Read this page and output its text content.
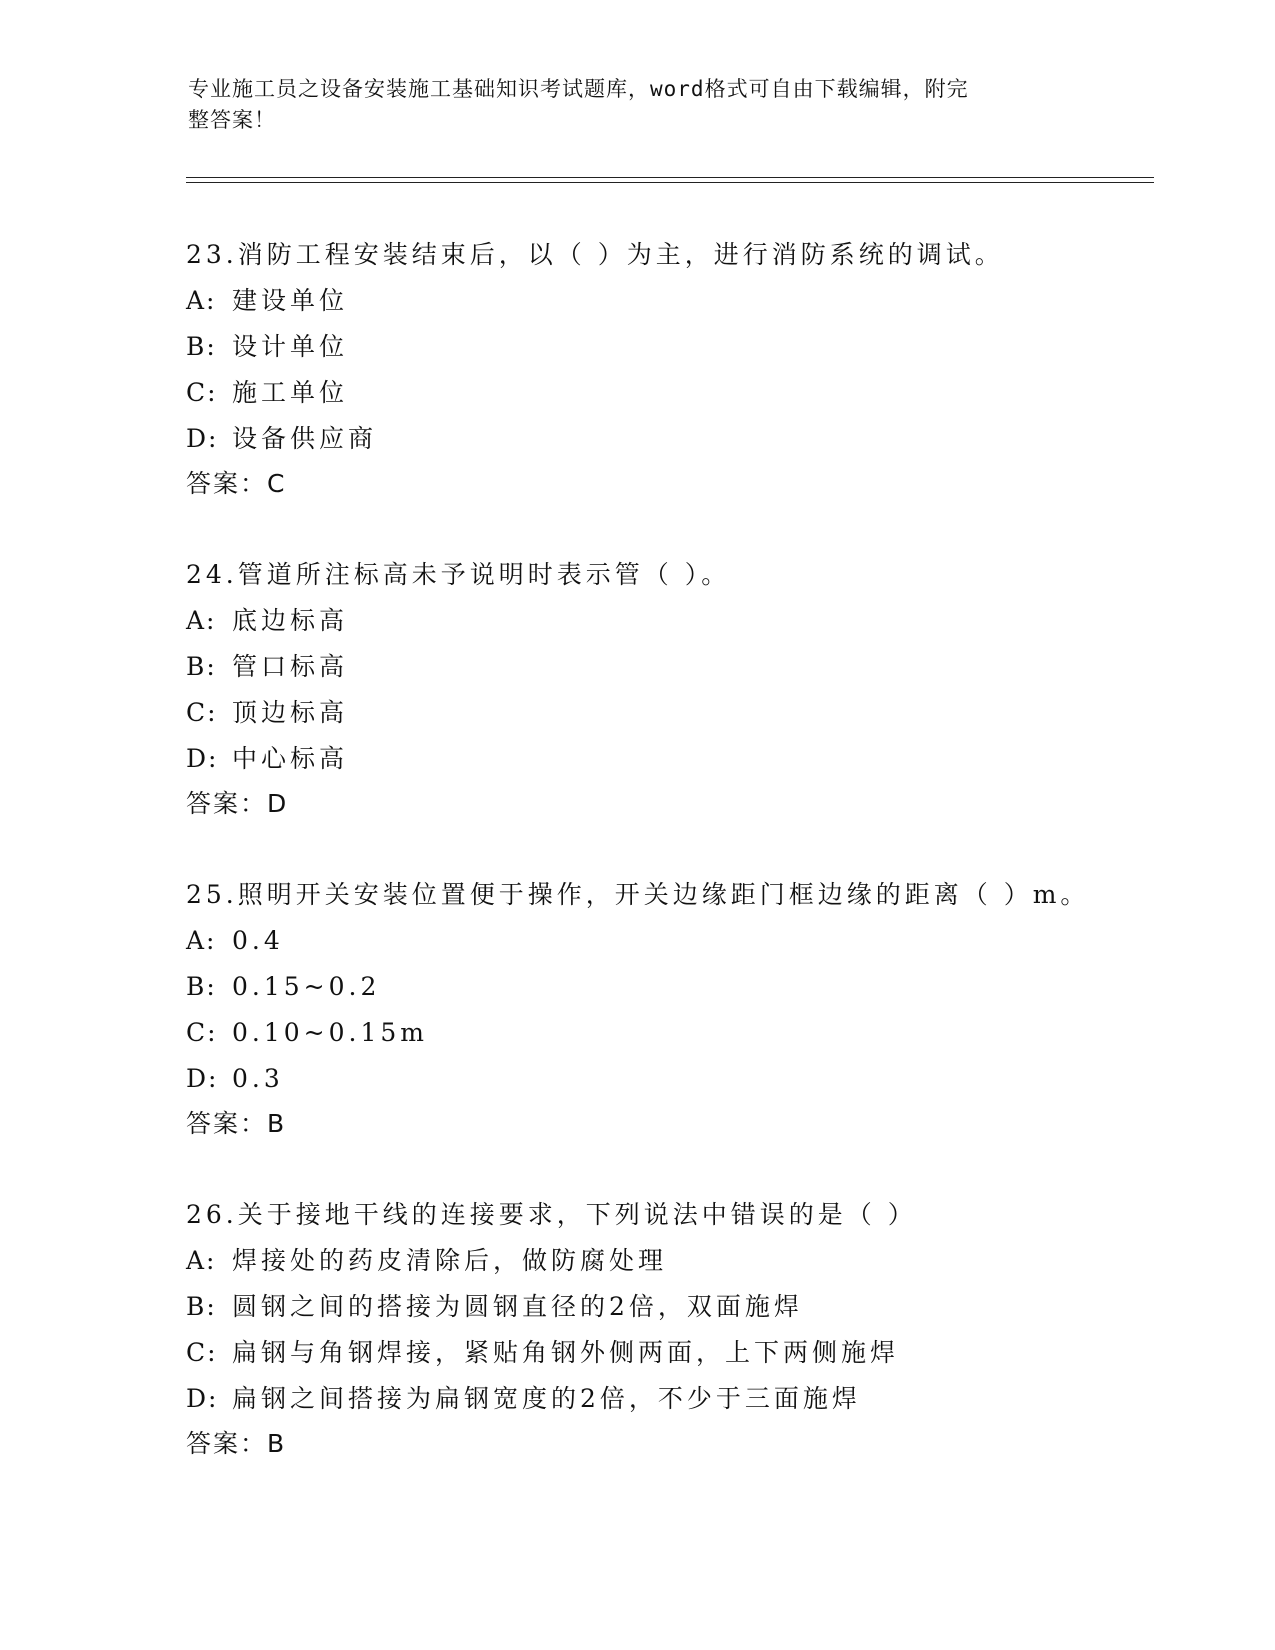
专业施工员之设备安装施工基础知识考试题库，word格式可自由下载编辑，附完
整答案！
23.消防工程安装结束后，以（ ）为主，进行消防系统的调试。
A: 建设单位
B: 设计单位
C: 施工单位
D: 设备供应商
答案：C
24.管道所注标高未予说明时表示管（ ）。
A: 底边标高
B: 管口标高
C: 顶边标高
D: 中心标高
答案：D
25.照明开关安装位置便于操作，开关边缘距门框边缘的距离（ ）m。
A: 0.4
B: 0.15~0.2
C: 0.10~0.15m
D: 0.3
答案：B
26.关于接地干线的连接要求，下列说法中错误的是（ ）
A: 焊接处的药皮清除后，做防腐处理
B: 圆钢之间的搭接为圆钢直径的2倍，双面施焊
C: 扁钢与角钢焊接，紧贴角钢外侧两面，上下两侧施焊
D: 扁钢之间搭接为扁钢宽度的2倍，不少于三面施焊
答案：B
